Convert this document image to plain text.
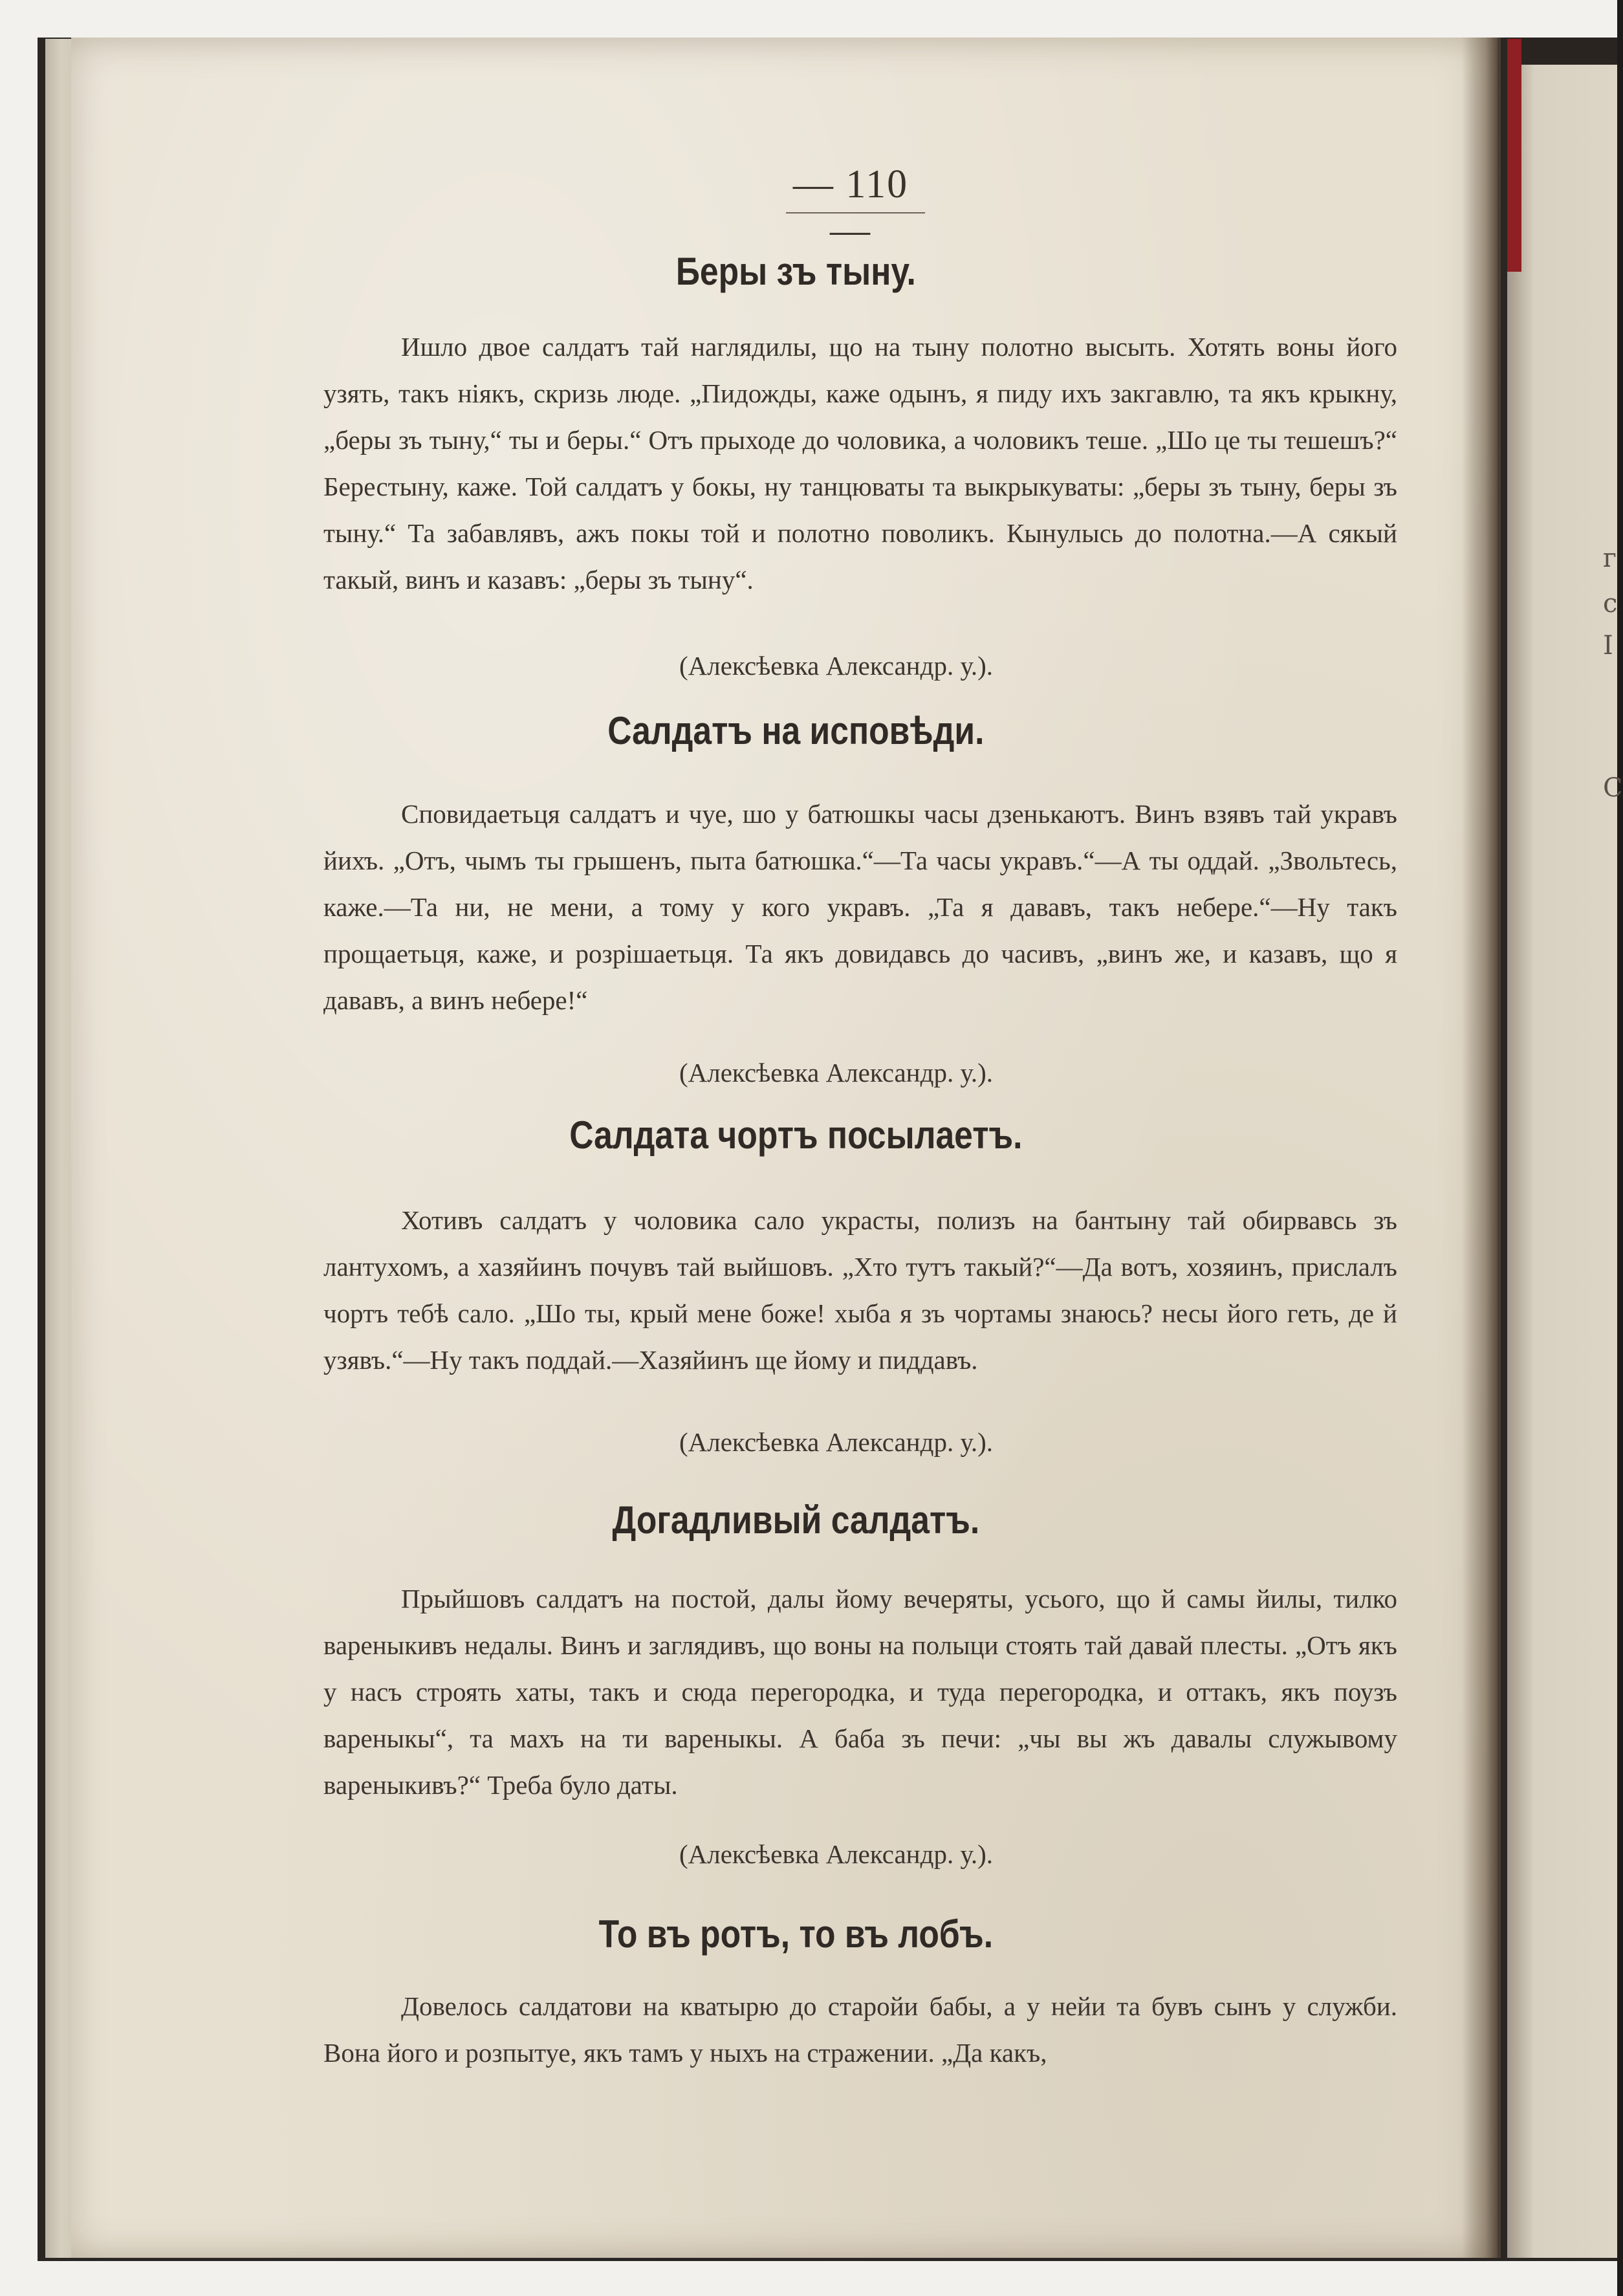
г
с
І
С
— 110 —
Беры зъ тыну.
Ишло двое салдатъ тай наглядилы, що на тыну полотно высыть. Хотять воны його узять, такъ ніякъ, скризь люде. „Пидожды, каже одынъ, я пиду ихъ закгавлю, та якъ крыкну, „беры зъ тыну,“ ты и беры.“ Отъ прыходе до чоловика, а чоловикъ теше. „Шо це ты тешешъ?“ Берестыну, каже. Той салдатъ у бокы, ну танцюваты та выкрыкуваты: „беры зъ тыну, беры зъ тыну.“ Та забавлявъ, ажъ покы той и полотно поволикъ. Кынулысь до полотна.—А сякый такый, винъ и казавъ: „беры зъ тыну“.
(Алексѣевка Александр. у.).
Салдатъ на исповѣди.
Сповидаетьця салдатъ и чуе, шо у батюшкы часы дзенькаютъ. Винъ взявъ тай укравъ йихъ. „Отъ, чымъ ты грышенъ, пыта батюшка.“—Та часы укравъ.“—А ты оддай. „Звольтесь, каже.—Та ни, не мени, а тому у кого укравъ. „Та я дававъ, такъ небере.“—Ну такъ прощаетьця, каже, и розрішаетьця. Та якъ довидавсь до часивъ, „винъ же, и казавъ, що я дававъ, а винъ небере!“
(Алексѣевка Александр. у.).
Салдата чортъ посылаетъ.
Хотивъ салдатъ у чоловика сало украсты, полизъ на бантыну тай обирвавсь зъ лантухомъ, а хазяйинъ почувъ тай выйшовъ. „Хто тутъ такый?“—Да вотъ, хозяинъ, прислалъ чортъ тебѣ сало. „Шо ты, крый мене боже! хыба я зъ чортамы знаюсь? несы його геть, де й узявъ.“—Ну такъ поддай.—Хазяйинъ ще йому и пиддавъ.
(Алексѣевка Александр. у.).
Догадливый салдатъ.
Прыйшовъ салдатъ на постой, далы йому вечеряты, усього, що й самы йилы, тилко вареныкивъ недалы. Винъ и заглядивъ, що воны на полыци стоять тай давай плесты. „Отъ якъ у насъ строять хаты, такъ и сюда перегородка, и туда перегородка, и оттакъ, якъ поузъ вареныкы“, та махъ на ти вареныкы. А баба зъ печи: „чы вы жъ давалы служывому вареныкивъ?“ Треба було даты.
(Алексѣевка Александр. у.).
То въ ротъ, то въ лобъ.
Довелось салдатови на кватырю до старойи бабы, а у нейи та бувъ сынъ у служби. Вона його и розпытуе, якъ тамъ у ныхъ на стражении. „Да какъ,
